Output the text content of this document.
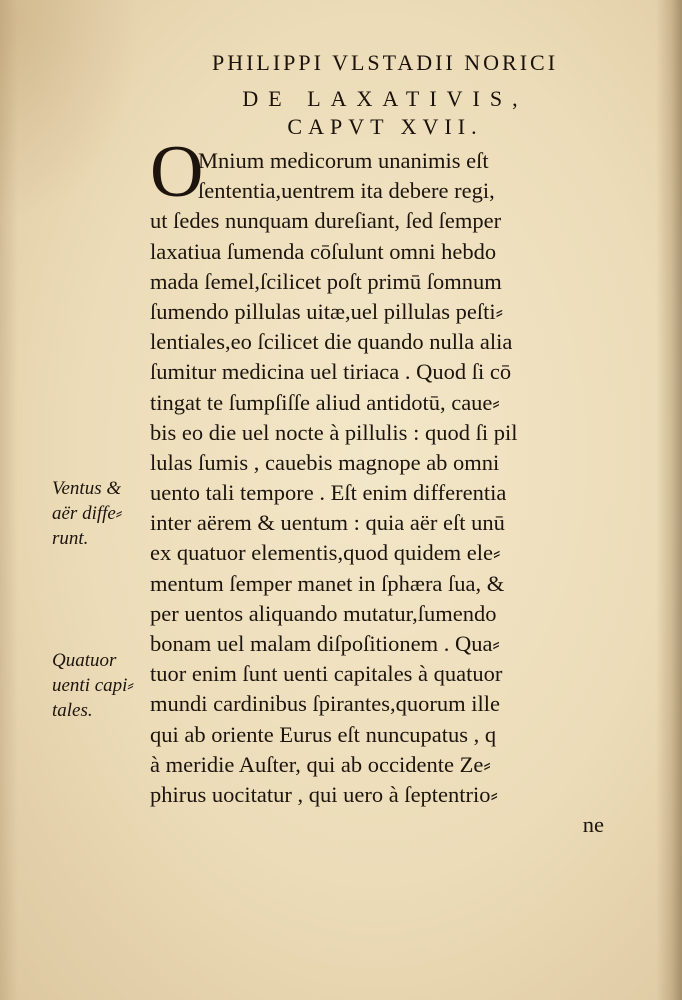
PHILIPPI VLSTADII NORICI
DE LAXATIVIS,
CAPVT XVII.
O
Mnium medicorum unanimis eſt
ſententia,uentrem ita debere regi,
ut ſedes nunquam dureſiant, ſed ſemper
laxatiua ſumenda cōſulunt omni hebdo
mada ſemel,ſcilicet poſt primū ſomnum
ſumendo pillulas uitæ,uel pillulas peſti⸗
lentiales,eo ſcilicet die quando nulla alia
ſumitur medicina uel tiriaca . Quod ſi cō
tingat te ſumpſiſſe aliud antidotū, caue⸗
bis eo die uel nocte à pillulis : quod ſi pil
lulas ſumis , cauebis magnope ab omni
uento tali tempore . Eſt enim differentia
inter aërem & uentum : quia aër eſt unū
ex quatuor elementis,quod quidem ele⸗
mentum ſemper manet in ſphæra ſua, &
per uentos aliquando mutatur,ſumendo
bonam uel malam diſpoſitionem . Qua⸗
tuor enim ſunt uenti capitales à quatuor
mundi cardinibus ſpirantes,quorum ille
qui ab oriente Eurus eſt nuncupatus , q
à meridie Auſter, qui ab occidente Ze⸗
phirus uocitatur , qui uero à ſeptentrio⸗
ne
Ventus &
aër diffe⸗
runt.
Quatuor
uenti capi⸗
tales.
